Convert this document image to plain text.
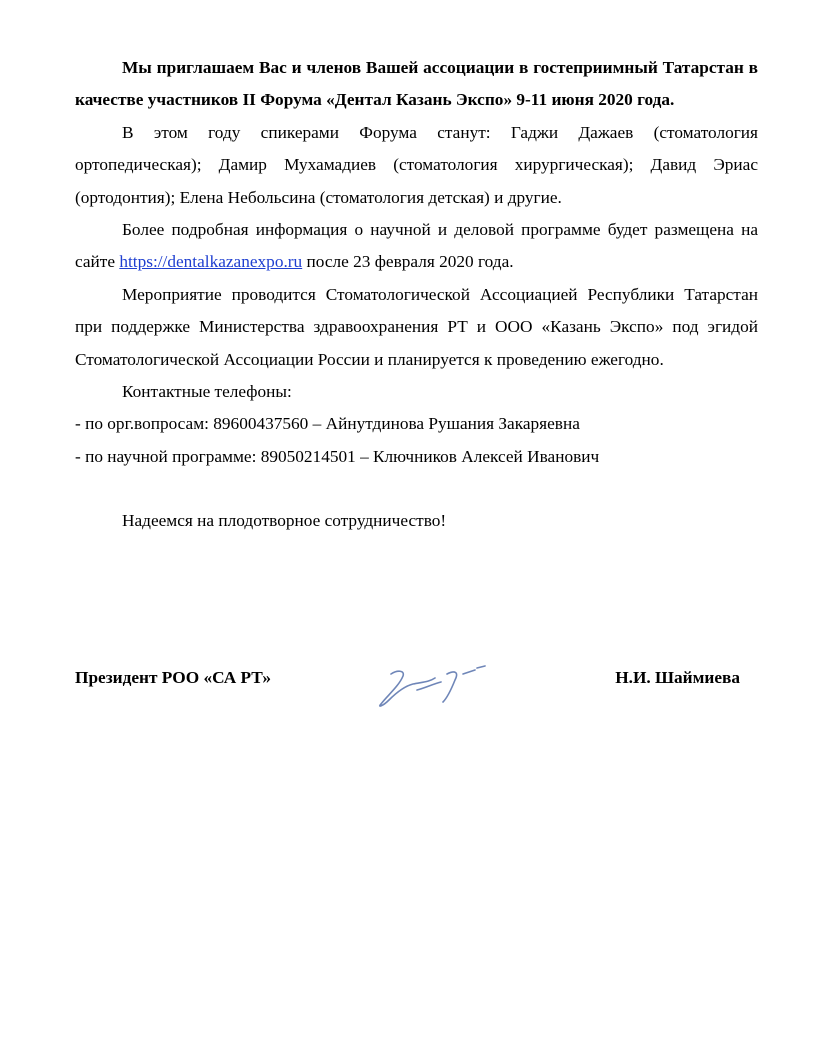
Мы приглашаем Вас и членов Вашей ассоциации в гостеприимный Татарстан в качестве участников II Форума «Дентал Казань Экспо» 9-11 июня 2020 года.

В этом году спикерами Форума станут: Гаджи Дажаев (стоматология ортопедическая); Дамир Мухамадиев (стоматология хирургическая); Давид Эриас (ортодонтия); Елена Небольсина (стоматология детская) и другие.

Более подробная информация о научной и деловой программе будет размещена на сайте https://dentalkazanexpo.ru после 23 февраля 2020 года.

Мероприятие проводится Стоматологической Ассоциацией Республики Татарстан при поддержке Министерства здравоохранения РТ и ООО «Казань Экспо» под эгидой Стоматологической Ассоциации России и планируется к проведению ежегодно.

Контактные телефоны:

- по орг.вопросам: 89600437560 – Айнутдинова Рушания Закаряевна

- по научной программе: 89050214501 – Ключников Алексей Иванович

Надеемся на плодотворное сотрудничество!

Президент РОО «СА РТ»	Н.И. Шаймиева
